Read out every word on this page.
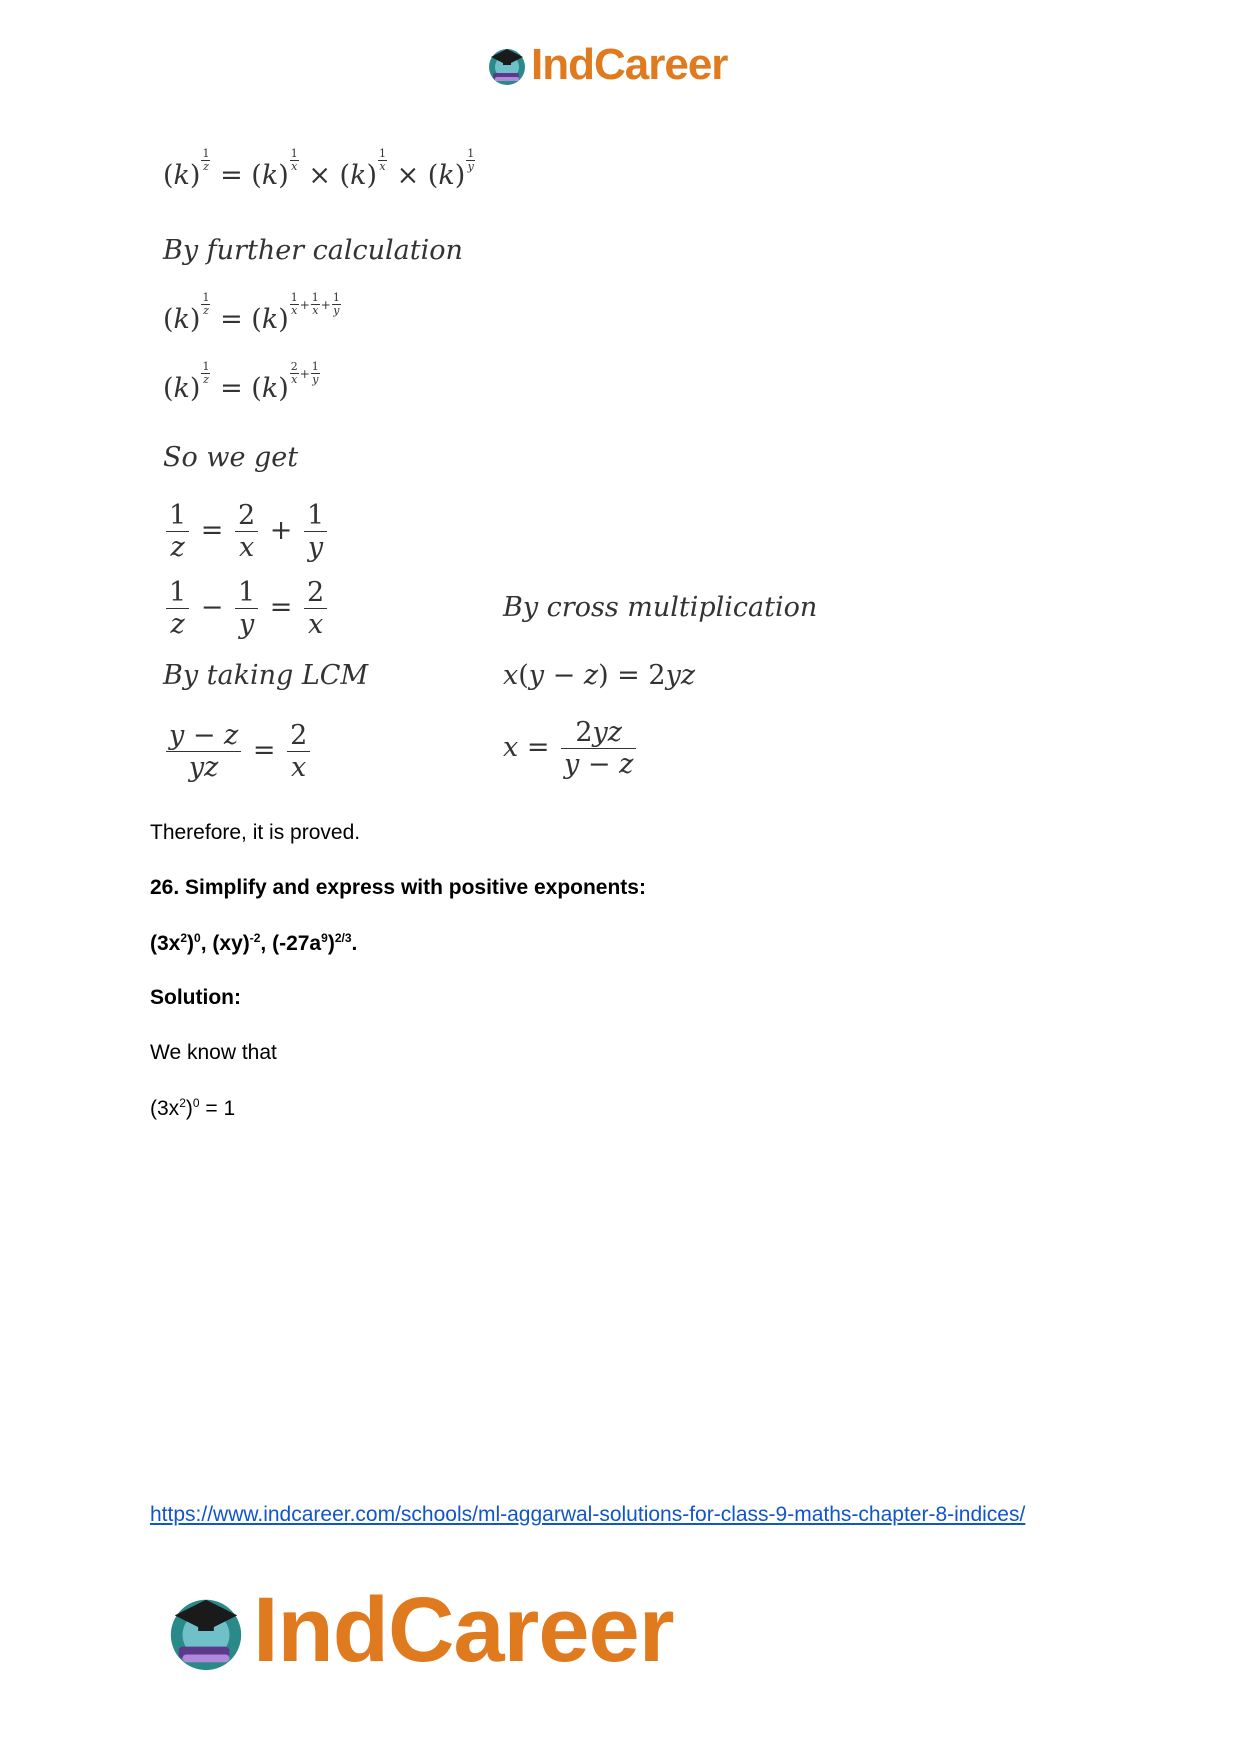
IndCareer
$(k) \frac{1}{z} = (k) \frac{1}{x} \times (k) \frac{1}{x} \times (k) \frac{1}{y}$
By further calculation
$(k) \frac{1}{z} = (k) \frac{1}{x} ^+ \frac{1}{x} ^+ \frac{1}{y}$
$(k) \frac{1}{z} = (k) \frac{2}{x} ^+ \frac{1}{y}$
So we get
$\frac{1}{z} = \frac{2}{x} + \frac{1}{y}$
$\frac{1}{z} - \frac{1}{y} = \frac{2}{x}$	By cross multiplication
By taking LCM	x(y − z) = 2yz
$\frac{y - z}{yz} = \frac{2}{x}$	$x = \frac{2yz}{y - z}$
Therefore, it is proved.
26. Simplify and express with positive exponents:
$(3x^2)^0$, (xy)$^{-2}$, $(-27a^9)^{2/3}$.
Solution:
We know that
$(3x^2)^0 = 1$
https://www.indcareer.com/schools/ml-aggarwal-solutions-for-class-9-maths-chapter-8-indices/
IndCareer
